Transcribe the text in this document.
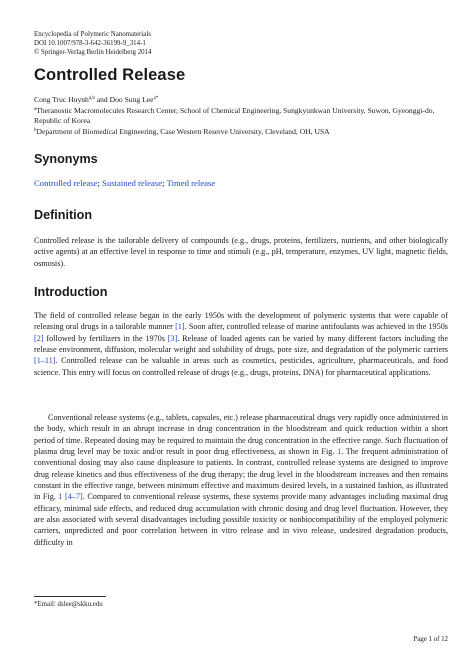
Encyclopedia of Polymeric Nanomaterials
DOI 10.1007/978-3-642-36199-9_314-1
© Springer-Verlag Berlin Heidelberg 2014
Controlled Release
Cong Truc Huynh$^{a,b}$ and Doo Sung Lee$^{a*}$
$^a$Theranostic Macromolecules Research Center, School of Chemical Engineering, Sungkyunkwan University, Suwon, Gyeonggi-do, Republic of Korea
$^b$Department of Biomedical Engineering, Case Western Reserve University, Cleveland, OH, USA
Synonyms
Controlled release; Sustained release; Timed release
Definition
Controlled release is the tailorable delivery of compounds (e.g., drugs, proteins, fertilizers, nutrients, and other biologically active agents) at an effective level in response to time and stimuli (e.g., pH, temperature, enzymes, UV light, magnetic fields, osmosis).
Introduction
The field of controlled release began in the early 1950s with the development of polymeric systems that were capable of releasing oral drugs in a tailorable manner [1]. Soon after, controlled release of marine antifoulants was achieved in the 1950s [2] followed by fertilizers in the 1970s [3]. Release of loaded agents can be varied by many different factors including the release environment, diffusion, molecular weight and solubility of drugs, pore size, and degradation of the polymeric carriers [1–11]. Controlled release can be valuable in areas such as cosmetics, pesticides, agriculture, pharmaceuticals, and food science. This entry will focus on controlled release of drugs (e.g., drugs, proteins, DNA) for pharmaceutical applications.
Conventional release systems (e.g., tablets, capsules, etc.) release pharmaceutical drugs very rapidly once administered in the body, which result in an abrupt increase in drug concentration in the bloodstream and quick reduction within a short period of time. Repeated dosing may be required to maintain the drug concentration in the effective range. Such fluctuation of plasma drug level may be toxic and/or result in poor drug effectiveness, as shown in Fig. 1. The frequent administration of conventional dosing may also cause displeasure to patients. In contrast, controlled release systems are designed to improve drug release kinetics and thus effectiveness of the drug therapy; the drug level in the bloodstream increases and then remains constant in the effective range, between minimum effective and maximum desired levels, in a sustained fashion, as illustrated in Fig. 1 [4–7]. Compared to conventional release systems, these systems provide many advantages including maximal drug efficacy, minimal side effects, and reduced drug accumulation with chronic dosing and drug level fluctuation. However, they are also associated with several disadvantages including possible toxicity or nonbiocompatibility of the employed polymeric carriers, unpredicted and poor correlation between in vitro release and in vivo release, undesired degradation products, difficulty in
*Email: dslee@skku.edu
Page 1 of 12
